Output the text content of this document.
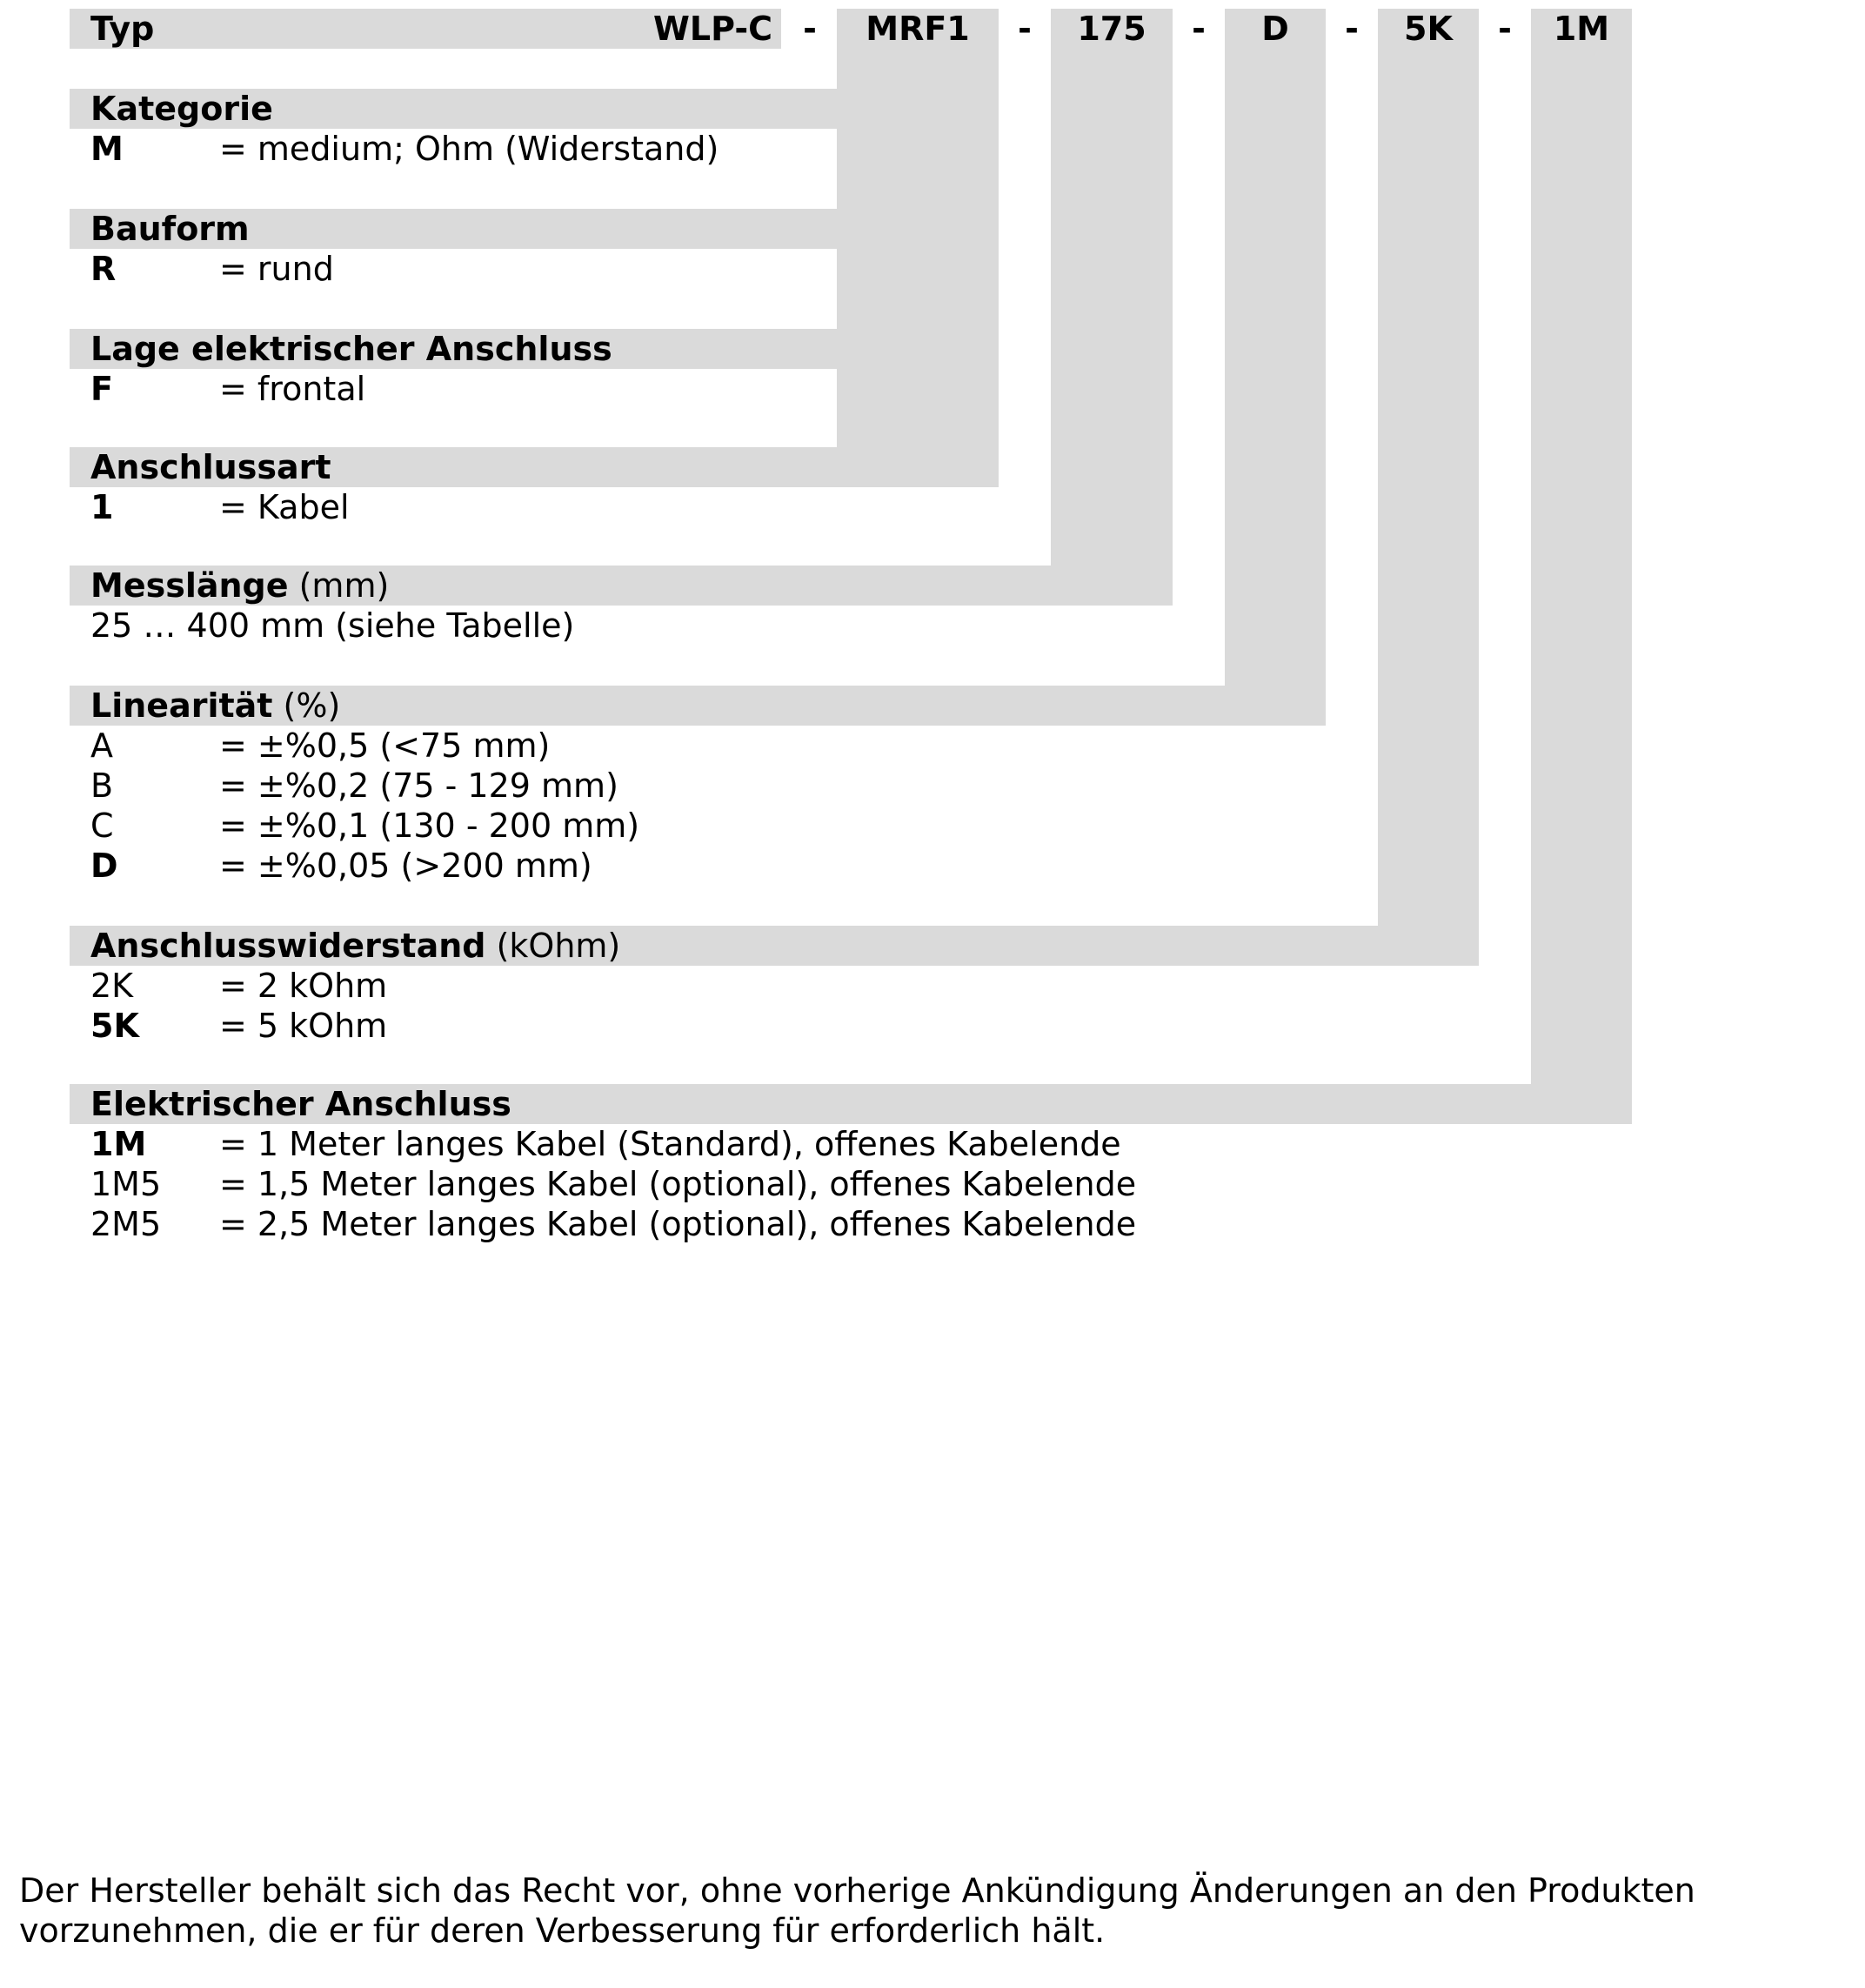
Typ	WLP-C -	MRF1	-	175	-	D	-	5K	-	1M
Kategorie
M	= medium; Ohm (Widerstand)
Bauform
R	= rund
Lage elektrischer Anschluss
F	= frontal
Anschlussart
1	= Kabel
Messlänge (mm)
25 … 400 mm (siehe Tabelle)
Linearität (%)
A	= ±%0,5 (<75 mm)
B	= ±%0,2 (75 - 129 mm)
C	= ±%0,1 (130 - 200 mm)
D	= ±%0,05 (>200 mm)
Anschlusswiderstand (kOhm)
2K	= 2 kOhm
5K = 5 kOhm
Elektrischer Anschluss
1M = 1 Meter langes Kabel (Standard), offenes Kabelende
1M5 = 1,5 Meter langes Kabel (optional), offenes Kabelende
2M5 = 2,5 Meter langes Kabel (optional), offenes Kabelende
Der Hersteller behält sich das Recht vor, ohne vorherige Ankündigung Änderungen an den Produkten
vorzunehmen, die er für deren Verbesserung für erforderlich hält.
